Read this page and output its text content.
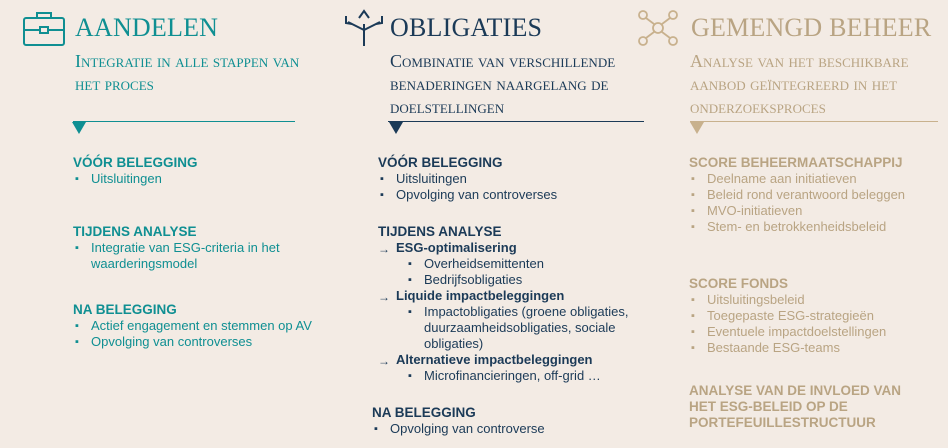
AANDELEN

Integratie in alle stappen van het proces

VÓÓR BELEGGING
▪ Uitsluitingen
TIJDENS ANALYSE
▪ Integratie van ESG-criteria in het waarderingsmodel
NA BELEGGING
▪ Actief engagement en stemmen op AV
▪ Opvolging van controverses
OBLIGATIES

Combinatie van verschillende benaderingen naargelang de doelstellingen

VÓÓR BELEGGING
▪ Uitsluitingen
▪ Opvolging van controverses
TIJDENS ANALYSE
→ ESG-optimalisering
▪ Overheidsemittenten
▪ Bedrijfsobligaties
→ Liquide impactbeleggingen
▪ Impactobligaties (groene obligaties, duurzaamheidsobligaties, sociale obligaties)
→ Alternatieve impactbeleggingen
▪ Microfinancieringen, off-grid …
NA BELEGGING
▪ Opvolging van controverse
GEMENGD BEHEER

Analyse van het beschikbare aanbod geïntegreerd in het onderzoeksproces

SCORE BEHEERMAATSCHAPPIJ
▪ Deelname aan initiatieven
▪ Beleid rond verantwoord beleggen
▪ MVO-initiatieven
▪ Stem- en betrokkenheidsbeleid
SCORE FONDS
▪ Uitsluitingsbeleid
▪ Toegepaste ESG-strategieën
▪ Eventuele impactdoelstellingen
▪ Bestaande ESG-teams
ANALYSE VAN DE INVLOED VAN HET ESG-BELEID OP DE PORTEFEUILLESTRUCTUUR
